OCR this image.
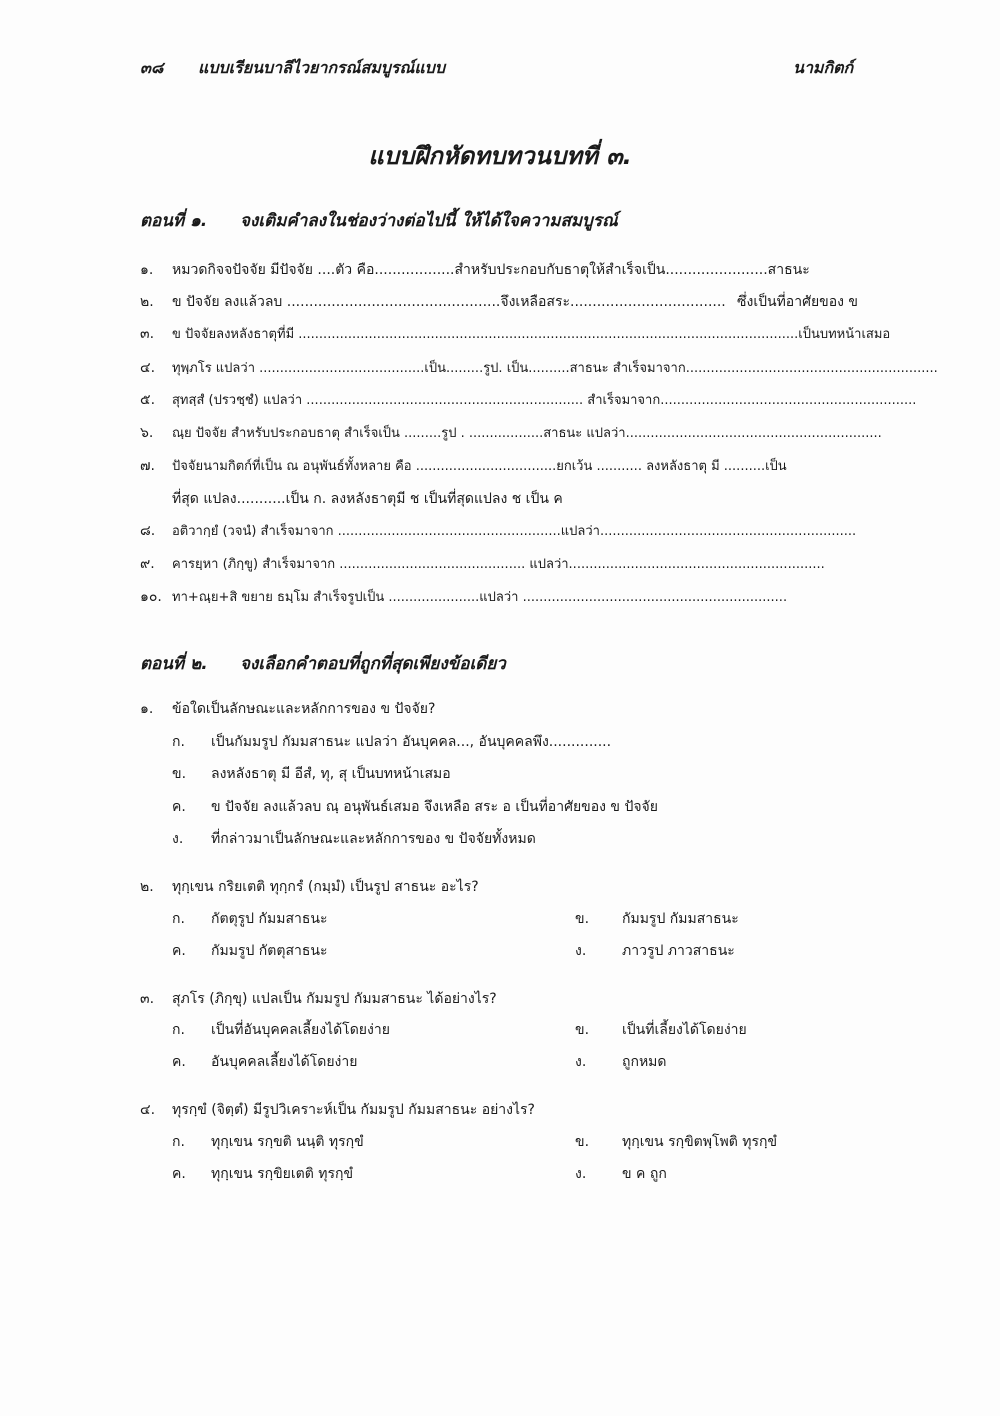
๓๘ แบบเรียนบาลีไวยากรณ์สมบูรณ์แบบ	นามกิตก์
แบบฝึกหัดทบทวนบทที่ ๓.
ตอนที่ ๑. จงเติมคำลงในช่องว่างต่อไปนี้ ให้ได้ใจความสมบูรณ์
๑. หมวดกิจจปัจจัย มีปัจจัย ....ตัว คือ..................สำหรับประกอบกับธาตุให้สำเร็จเป็น.......................สาธนะ
๒. ข ปัจจัย ลงแล้วลบ ................................................จึงเหลือสระ................................... ซึ่งเป็นที่อาศัยของ ข
๓. ข ปัจจัยลงหลังธาตุที่มี .........................................................................................................................เป็นบทหน้าเสมอ
๔. ทุพฺภโร แปลว่า ........................................เป็น.........รูป. เป็น..........สาธนะ สำเร็จมาจาก.............................................................
๕. สุทสฺสํ (ปรวชฺชํ) แปลว่า ................................................................... สำเร็จมาจาก..............................................................
๖. ณฺย ปัจจัย สำหรับประกอบธาตุ สำเร็จเป็น .........รูป . ..................สาธนะ แปลว่า..............................................................
๗. ปัจจัยนามกิตก์ที่เป็น ณ อนุพันธ์ทั้งหลาย คือ ..................................ยกเว้น ........... ลงหลังธาตุ มี ..........เป็น
ที่สุด แปลง...........เป็น ก. ลงหลังธาตุมี ช เป็นที่สุดแปลง ช เป็น ค
๘. อติวากฺยํ (วจนํ) สำเร็จมาจาก ......................................................แปลว่า..............................................................
๙. คารยฺหา (ภิกฺขู) สำเร็จมาจาก ............................................. แปลว่า..............................................................
๑๐. ทา+ณฺย+สิ ขยาย ธมฺโม สำเร็จรูปเป็น ......................แปลว่า ................................................................
ตอนที่ ๒. จงเลือกคำตอบที่ถูกที่สุดเพียงข้อเดียว
๑. ข้อใดเป็นลักษณะและหลักการของ ข ปัจจัย?
ก. เป็นกัมมรูป กัมมสาธนะ แปลว่า อันบุคคล..., อันบุคคลพึง..............
ข. ลงหลังธาตุ มี อีสํ, ทุ, สุ เป็นบทหน้าเสมอ
ค. ข ปัจจัย ลงแล้วลบ ณฺ อนุพันธ์เสมอ จึงเหลือ สระ อ เป็นที่อาศัยของ ข ปัจจัย
ง. ที่กล่าวมาเป็นลักษณะและหลักการของ ข ปัจจัยทั้งหมด
๒. ทุกฺเขน กริยเตติ ทุกฺกรํ (กมฺมํ) เป็นรูป สาธนะ อะไร?
ก. กัตตุรูป กัมมสาธนะ	ข. กัมมรูป กัมมสาธนะ
ค. กัมมรูป กัตตุสาธนะ	ง.	ภาวรูป ภาวสาธนะ
๓. สุภโร (ภิกฺขุ) แปลเป็น กัมมรูป กัมมสาธนะ ได้อย่างไร?
ก. เป็นที่อันบุคคลเลี้ยงได้โดยง่าย	ข. เป็นที่เลี้ยงได้โดยง่าย
ค. อันบุคคลเลี้ยงได้โดยง่าย	ง.	ถูกหมด
๔. ทุรกฺขํ (จิตฺตํ) มีรูปวิเคราะห์เป็น กัมมรูป กัมมสาธนะ อย่างไร?
ก. ทุกฺเขน รกฺขติ นนฺติ ทุรกฺขํ	ข. ทุกฺเขน รกฺขิตพฺโพติ ทุรกฺขํ
ค. ทุกฺเขน รกฺขิยเตติ ทุรกฺขํ	ง.	ข ค ถูก
